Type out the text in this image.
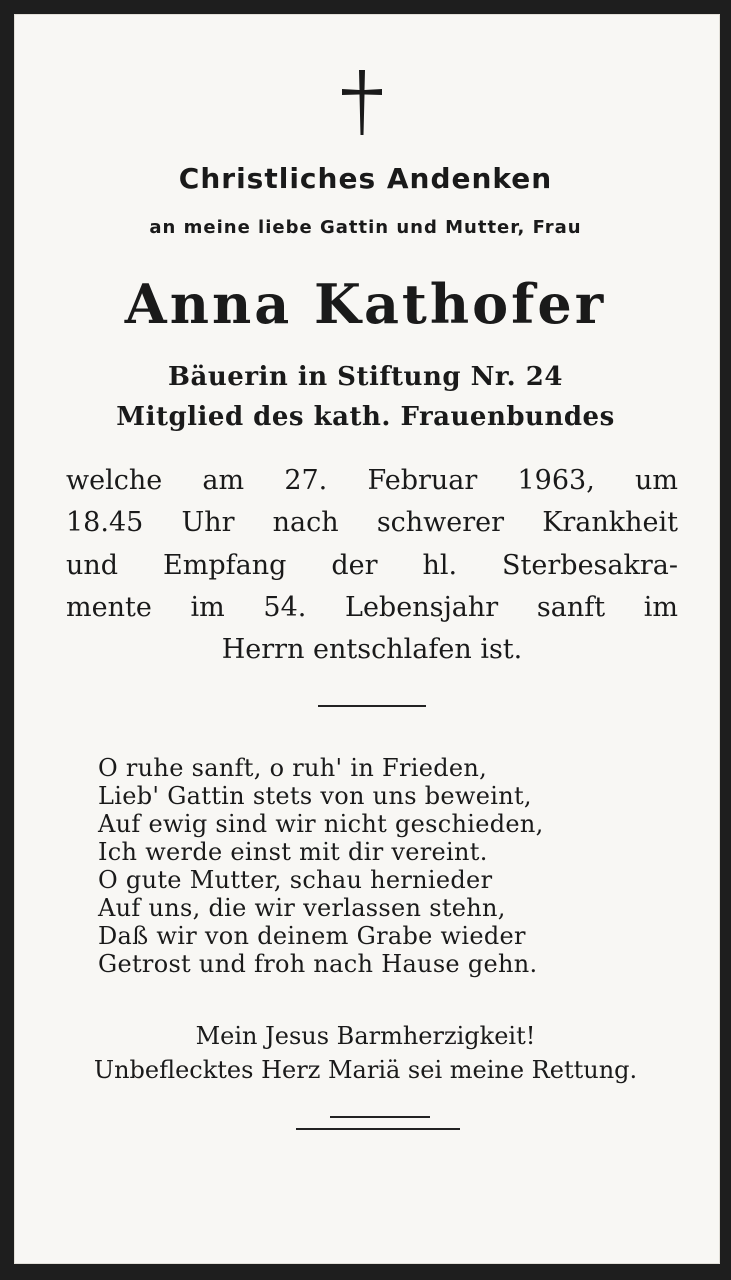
Christliches Andenken
an meine liebe Gattin und Mutter, Frau
Anna Kathofer
Bäuerin in Stiftung Nr. 24
Mitglied des kath. Frauenbundes
welche am 27. Februar 1963, um
18.45 Uhr nach schwerer Krankheit
und Empfang der hl. Sterbesakra-
mente im 54. Lebensjahr sanft im
Herrn entschlafen ist.
O ruhe sanft, o ruh' in Frieden,
Lieb' Gattin stets von uns beweint,
Auf ewig sind wir nicht geschieden,
Ich werde einst mit dir vereint.
O gute Mutter, schau hernieder
Auf uns, die wir verlassen stehn,
Daß wir von deinem Grabe wieder
Getrost und froh nach Hause gehn.
Mein Jesus Barmherzigkeit!
Unbeflecktes Herz Mariä sei meine Rettung.
